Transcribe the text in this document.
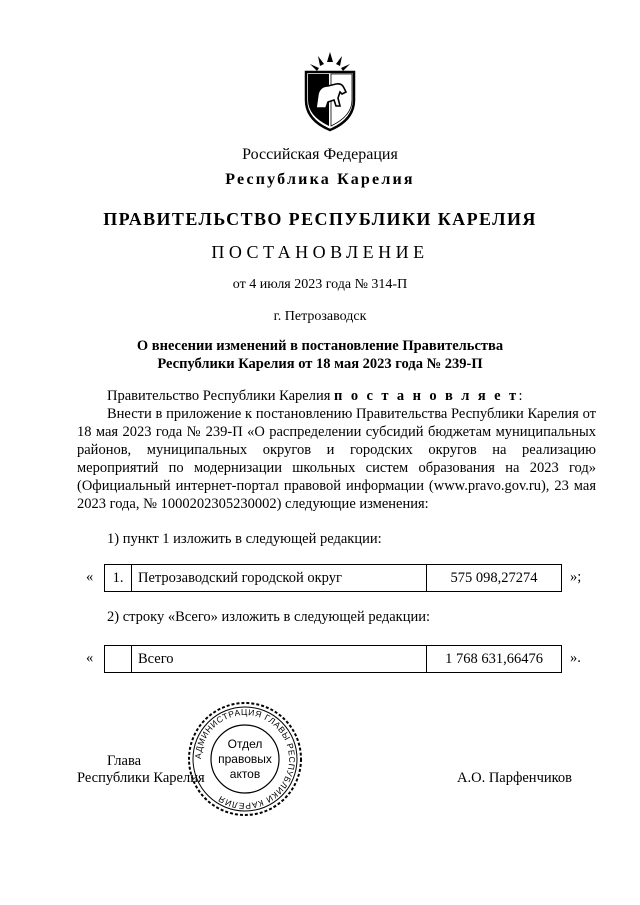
Российская Федерация
Республика Карелия
ПРАВИТЕЛЬСТВО РЕСПУБЛИКИ КАРЕЛИЯ
ПОСТАНОВЛЕНИЕ
от 4 июля 2023 года № 314-П
г. Петрозаводск
О внесении изменений в постановление Правительства
Республики Карелия от 18 мая 2023 года № 239-П
Правительство Республики Карелия п о с т а н о в л я е т:
Внести в приложение к постановлению Правительства Республики Карелия от 18 мая 2023 года № 239-П «О распределении субсидий бюджетам муниципальных районов, муниципальных округов и городских округов на реализацию мероприятий по модернизации школьных систем образования на 2023 год» (Официальный интернет-портал правовой информации (www.pravo.gov.ru), 23 мая 2023 года, № 1000202305230002) следующие изменения:
1) пункт 1 изложить в следующей редакции:
« 1.	Петрозаводский городской округ	575 098,27274 »;
2) строку «Всего» изложить в следующей редакции:
«
		Всего	1 768 631,66476 ».
Глава
Республики Карелия	А.О. Парфенчиков
АДМИНИСТРАЦИЯ ГЛАВЫ РЕСПУБЛИКИ КАРЕЛИЯ
Отдел
правовых
актов
